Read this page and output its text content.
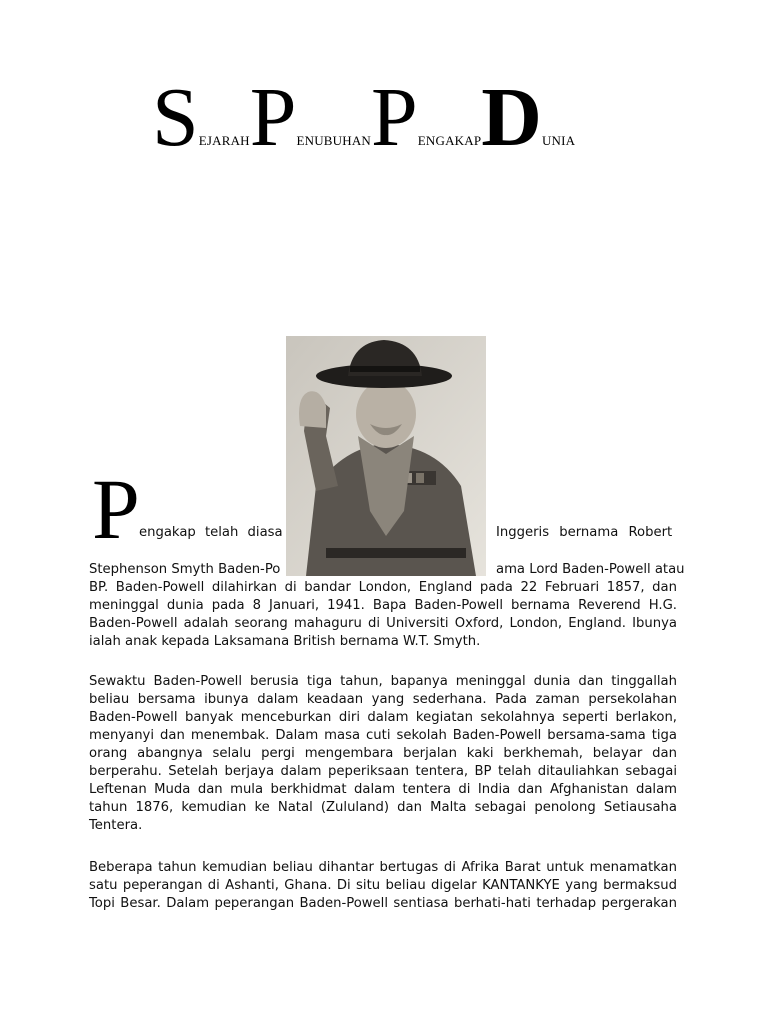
SEJARAHPENUBUHANPENGAKAPDUNIA
P engakap telah diasa	Inggeris bernama Robert
Stephenson Smyth Baden-Po	ama Lord Baden-Powell atau
BP. Baden-Powell dilahirkan di bandar London, England pada 22 Februari 1857, dan
meninggal dunia pada 8 Januari, 1941. Bapa Baden-Powell bernama Reverend H.G.
Baden-Powell adalah seorang mahaguru di Universiti Oxford, London, England. Ibunya
ialah anak kepada Laksamana British bernama W.T. Smyth.
Sewaktu Baden-Powell berusia tiga tahun, bapanya meninggal dunia dan tinggallah
beliau bersama ibunya dalam keadaan yang sederhana. Pada zaman persekolahan
Baden-Powell banyak menceburkan diri dalam kegiatan sekolahnya seperti berlakon,
menyanyi dan menembak. Dalam masa cuti sekolah Baden-Powell bersama-sama tiga
orang abangnya selalu pergi mengembara berjalan kaki berkhemah, belayar dan
berperahu. Setelah berjaya dalam peperiksaan tentera, BP telah ditauliahkan sebagai
Leftenan Muda dan mula berkhidmat dalam tentera di India dan Afghanistan dalam
tahun 1876, kemudian ke Natal (Zululand) dan Malta sebagai penolong Setiausaha
Tentera.
Beberapa tahun kemudian beliau dihantar bertugas di Afrika Barat untuk menamatkan
satu peperangan di Ashanti, Ghana. Di situ beliau digelar KANTANKYE yang bermaksud
Topi Besar. Dalam peperangan Baden-Powell sentiasa berhati-hati terhadap pergerakan
